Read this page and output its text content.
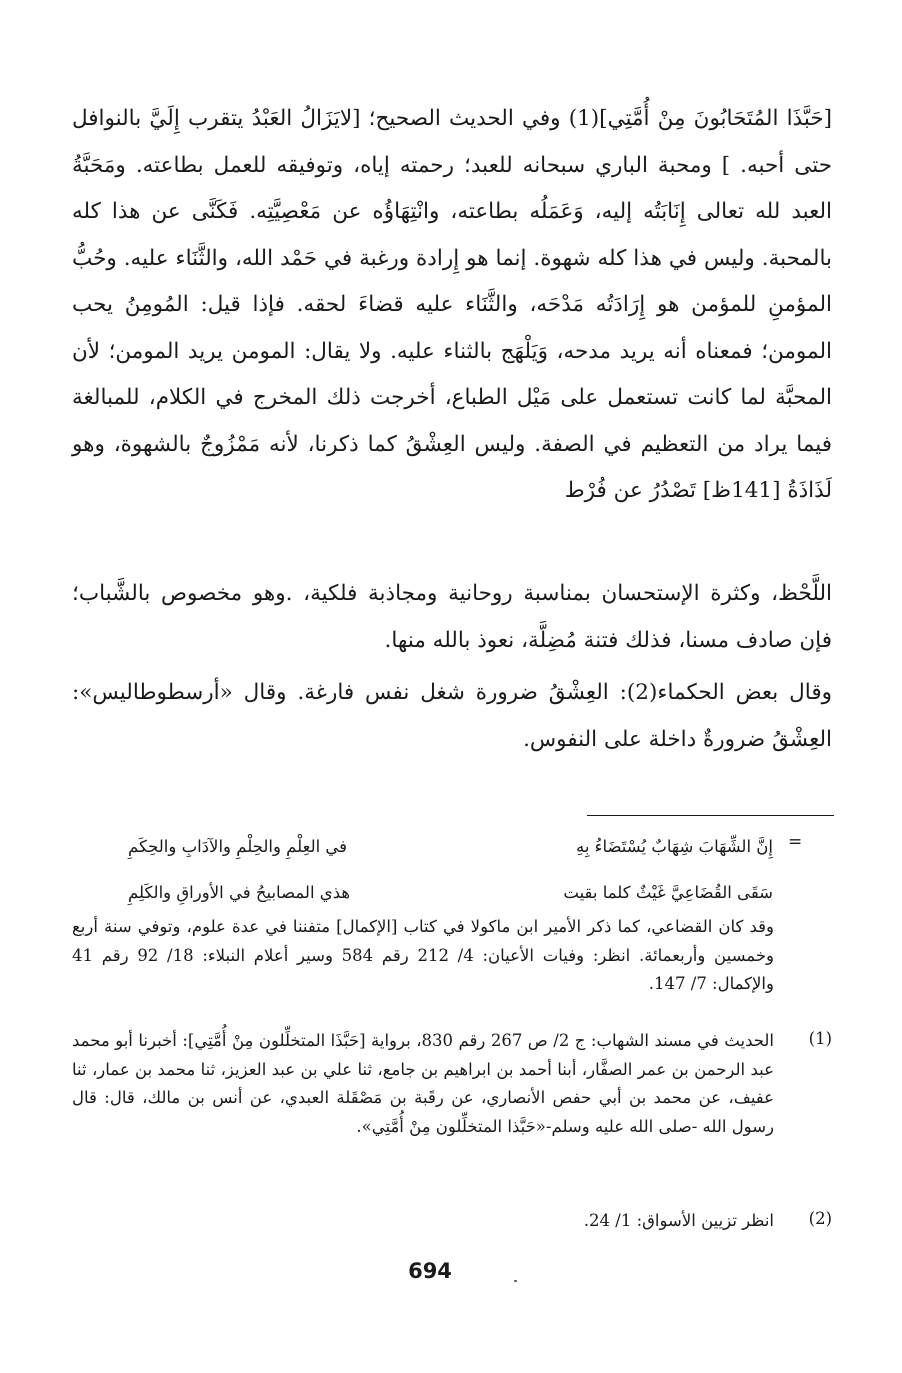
[حَبَّذَا المُتَحَابُونَ مِنْ أُمَّتِي](1) وفي الحديث الصحيح؛ [لايَزَالُ العَبْدُ يتقرب إِلَيَّ بالنوافل حتى أحبه. ] ومحبة الباري سبحانه للعبد؛ رحمته إياه، وتوفيقه للعمل بطاعته. ومَحَبَّةُ العبد لله تعالى إِنَابَتُه إليه، وَعَمَلُه بطاعته، وانْتِهَاؤُه عن مَعْصِيَّتِه. فَكَنَّى عن هذا كله بالمحبة. وليس في هذا كله شهوة. إنما هو إِرادة ورغبة في حَمْد الله، والثَّنَاء عليه. وحُبُّ المؤمنِ للمؤمن هو إِرَادَتُه مَدْحَه، والثَّنَاء عليه قضاءَ لحقه. فإذا قيل: المُومِنُ يحب المومن؛ فمعناه أنه يريد مدحه، وَيَلْهَج بالثناء عليه. ولا يقال: المومن يريد المومن؛ لأن المحبَّة لما كانت تستعمل على مَيْل الطباع، أخرجت ذلك المخرج في الكلام، للمبالغة فيما يراد من التعظيم في الصفة. وليس العِشْقُ كما ذكرنا، لأنه مَمْزُوجٌ بالشهوة، وهو لَذَاذَةُ [141ظ] تَصْدُرُ عن فُرْط

اللَّحْظ، وكثرة الإستحسان بمناسبة روحانية ومجاذبة فلكية، .وهو مخصوص بالشَّباب؛ فإن صادف مسنا، فذلك فتنة مُضِلَّة، نعوذ بالله منها.

وقال بعض الحكماء(2): العِشْقُ ضرورة شغل نفس فارغة. وقال «أرسطوطاليس»: العِشْقُ ضرورةٌ داخلة على النفوس.

=
إِنَّ الشِّهَابَ شِهَابٌ يُسْتَضَاءُ بِهِ
في العِلْمِ والحِلْمِ والآدَابِ والحِكَمِ
سَقَى القُضَاعِيَّ غَيْثٌ كلما بقيت
هذي المصابيحُ في الأوراقِ والكَلِمِ
وقد كان القضاعي، كما ذكر الأمير ابن ماكولا في كتاب [الإكمال] متفننا في عدة علوم، وتوفي سنة أربع وخمسين وأربعمائة. انظر: وفيات الأعيان: 4/ 212 رقم 584 وسير أعلام النبلاء: 18/ 92 رقم 41 والإكمال: 7/ 147.
(1)
الحديث في مسند الشهاب: ج 2/ ص 267 رقم 830، برواية [حَبَّذَا المتخلِّلون مِنْ أُمَّتِي]: أخبرنا أبو محمد عبد الرحمن بن عمر الصفَّار، أبنا أحمد بن ابراهيم بن جامع، ثنا علي بن عبد العزيز، ثنا محمد بن عمار، ثنا عفيف، عن محمد بن أبي حفص الأنصاري، عن رقَبة بن مَصْقَلة العبدي، عن أنس بن مالك، قال: قال رسول الله -صلى الله عليه وسلم-«حَبَّذا المتخلِّلون مِنْ أُمَّتِي».
(2)
انظر تزيين الأسواق: 1/ 24.
694
